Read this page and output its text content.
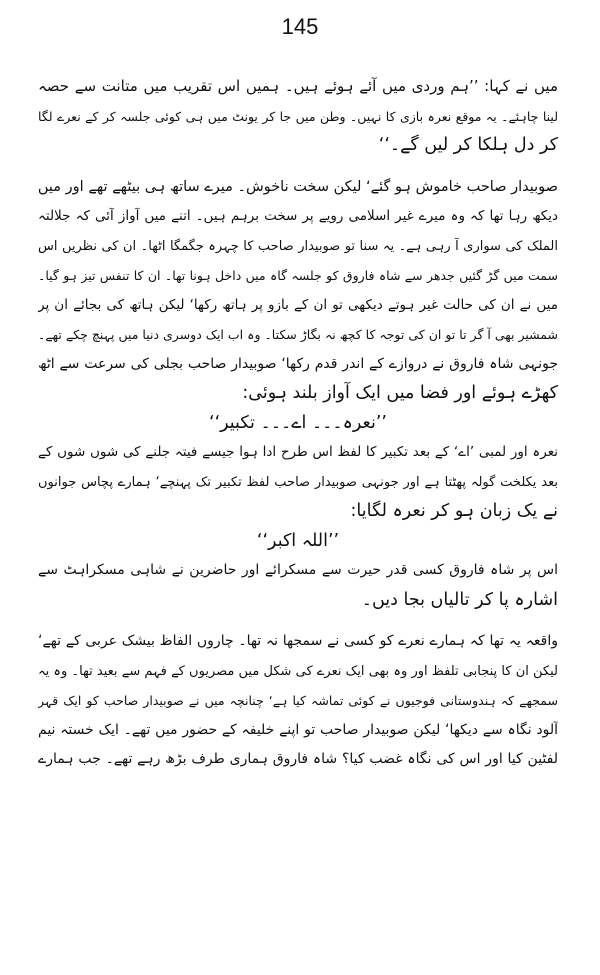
145
میں نے کہا: ’’ہم وردی میں آئے ہوئے ہیں۔ ہمیں اس تقریب میں متانت سے حصہ
لینا چاہئے۔ یہ موقع نعرہ بازی کا نہیں۔ وطن میں جا کر یونٹ میں ہی کوئی جلسہ کر کے نعرے لگا
کر دل ہلکا کر لیں گے۔‘‘
صوبیدار صاحب خاموش ہو گئے‘ لیکن سخت ناخوش۔ میرے ساتھ ہی بیٹھے تھے اور میں
دیکھ رہا تھا کہ وہ میرے غیر اسلامی رویے پر سخت برہم ہیں۔ اتنے میں آواز آئی کہ جلالتہ
الملک کی سواری آ رہی ہے۔ یہ سنا تو صوبیدار صاحب کا چہرہ جگمگا اٹھا۔ ان کی نظریں اس
سمت میں گڑ گئیں جدھر سے شاہ فاروق کو جلسہ گاہ میں داخل ہونا تھا۔ ان کا تنفس تیز ہو گیا۔
میں نے ان کی حالت غیر ہوتے دیکھی تو ان کے بازو پر ہاتھ رکھا‘ لیکن ہاتھ کی بجائے ان پر
شمشیر بھی آ گر تا تو ان کی توجہ کا کچھ نہ بگاڑ سکتا۔ وہ اب ایک دوسری دنیا میں پہنچ چکے تھے۔
جونہی شاہ فاروق نے دروازے کے اندر قدم رکھا‘ صوبیدار صاحب بجلی کی سرعت سے اٹھ
کھڑے ہوئے اور فضا میں ایک آواز بلند ہوئی:
’’نعرہ۔۔۔ اے۔۔۔ تکبیر‘‘
نعرہ اور لمبی ’اے‘ کے بعد تکبیر کا لفظ اس طرح ادا ہوا جیسے فیتہ جلنے کی شوں شوں کے
بعد یکلخت گولہ پھٹتا ہے اور جونہی صوبیدار صاحب لفظ تکبیر تک پہنچے‘ ہمارے پچاس جوانوں
نے یک زبان ہو کر نعرہ لگایا:
’’اللہ اکبر‘‘
اس پر شاہ فاروق کسی قدر حیرت سے مسکرائے اور حاضرین نے شاہی مسکراہٹ سے
اشارہ پا کر تالیاں بجا دیں۔
واقعہ یہ تھا کہ ہمارے نعرے کو کسی نے سمجھا نہ تھا۔ چاروں الفاظ بیشک عربی کے تھے‘
لیکن ان کا پنجابی تلفظ اور وہ بھی ایک نعرے کی شکل میں مصریوں کے فہم سے بعید تھا۔ وہ یہ
سمجھے کہ ہندوستانی فوجیوں نے کوئی تماشہ کیا ہے‘ چنانچہ میں نے صوبیدار صاحب کو ایک قہر
آلود نگاہ سے دیکھا‘ لیکن صوبیدار صاحب تو اپنے خلیفہ کے حضور میں تھے۔ ایک خستہ نیم
لفٹین کیا اور اس کی نگاہ غضب کیا؟ شاہ فاروق ہماری طرف بڑھ رہے تھے۔ جب ہمارے
